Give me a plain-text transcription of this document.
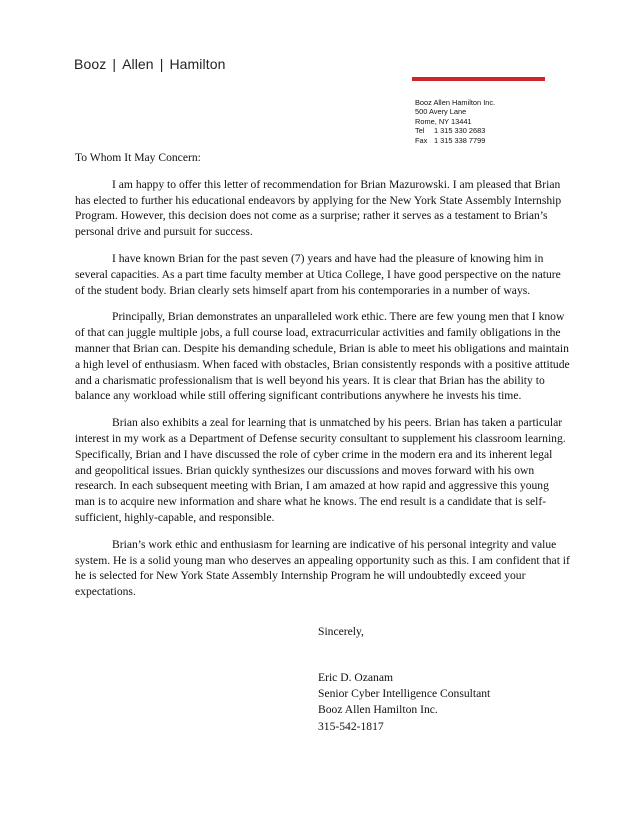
Booz | Allen | Hamilton
Booz Allen Hamilton Inc.
500 Avery Lane
Rome, NY 13441
Tel 1 315 330 2683
Fax 1 315 338 7799

To Whom It May Concern:

I am happy to offer this letter of recommendation for Brian Mazurowski. I am pleased that Brian has elected to further his educational endeavors by applying for the New York State Assembly Internship Program. However, this decision does not come as a surprise; rather it serves as a testament to Brian’s personal drive and pursuit for success.

I have known Brian for the past seven (7) years and have had the pleasure of knowing him in several capacities. As a part time faculty member at Utica College, I have good perspective on the nature of the student body. Brian clearly sets himself apart from his contemporaries in a number of ways.

Principally, Brian demonstrates an unparalleled work ethic. There are few young men that I know of that can juggle multiple jobs, a full course load, extracurricular activities and family obligations in the manner that Brian can. Despite his demanding schedule, Brian is able to meet his obligations and maintain a high level of enthusiasm. When faced with obstacles, Brian consistently responds with a positive attitude and a charismatic professionalism that is well beyond his years. It is clear that Brian has the ability to balance any workload while still offering significant contributions anywhere he invests his time.

Brian also exhibits a zeal for learning that is unmatched by his peers. Brian has taken a particular interest in my work as a Department of Defense security consultant to supplement his classroom learning. Specifically, Brian and I have discussed the role of cyber crime in the modern era and its inherent legal and geopolitical issues. Brian quickly synthesizes our discussions and moves forward with his own research. In each subsequent meeting with Brian, I am amazed at how rapid and aggressive this young man is to acquire new information and share what he knows. The end result is a candidate that is self-sufficient, highly-capable, and responsible.

Brian’s work ethic and enthusiasm for learning are indicative of his personal integrity and value system. He is a solid young man who deserves an appealing opportunity such as this. I am confident that if he is selected for New York State Assembly Internship Program he will undoubtedly exceed your expectations.

Sincerely,
Eric D. Ozanam
Senior Cyber Intelligence Consultant
Booz Allen Hamilton Inc.
315-542-1817
